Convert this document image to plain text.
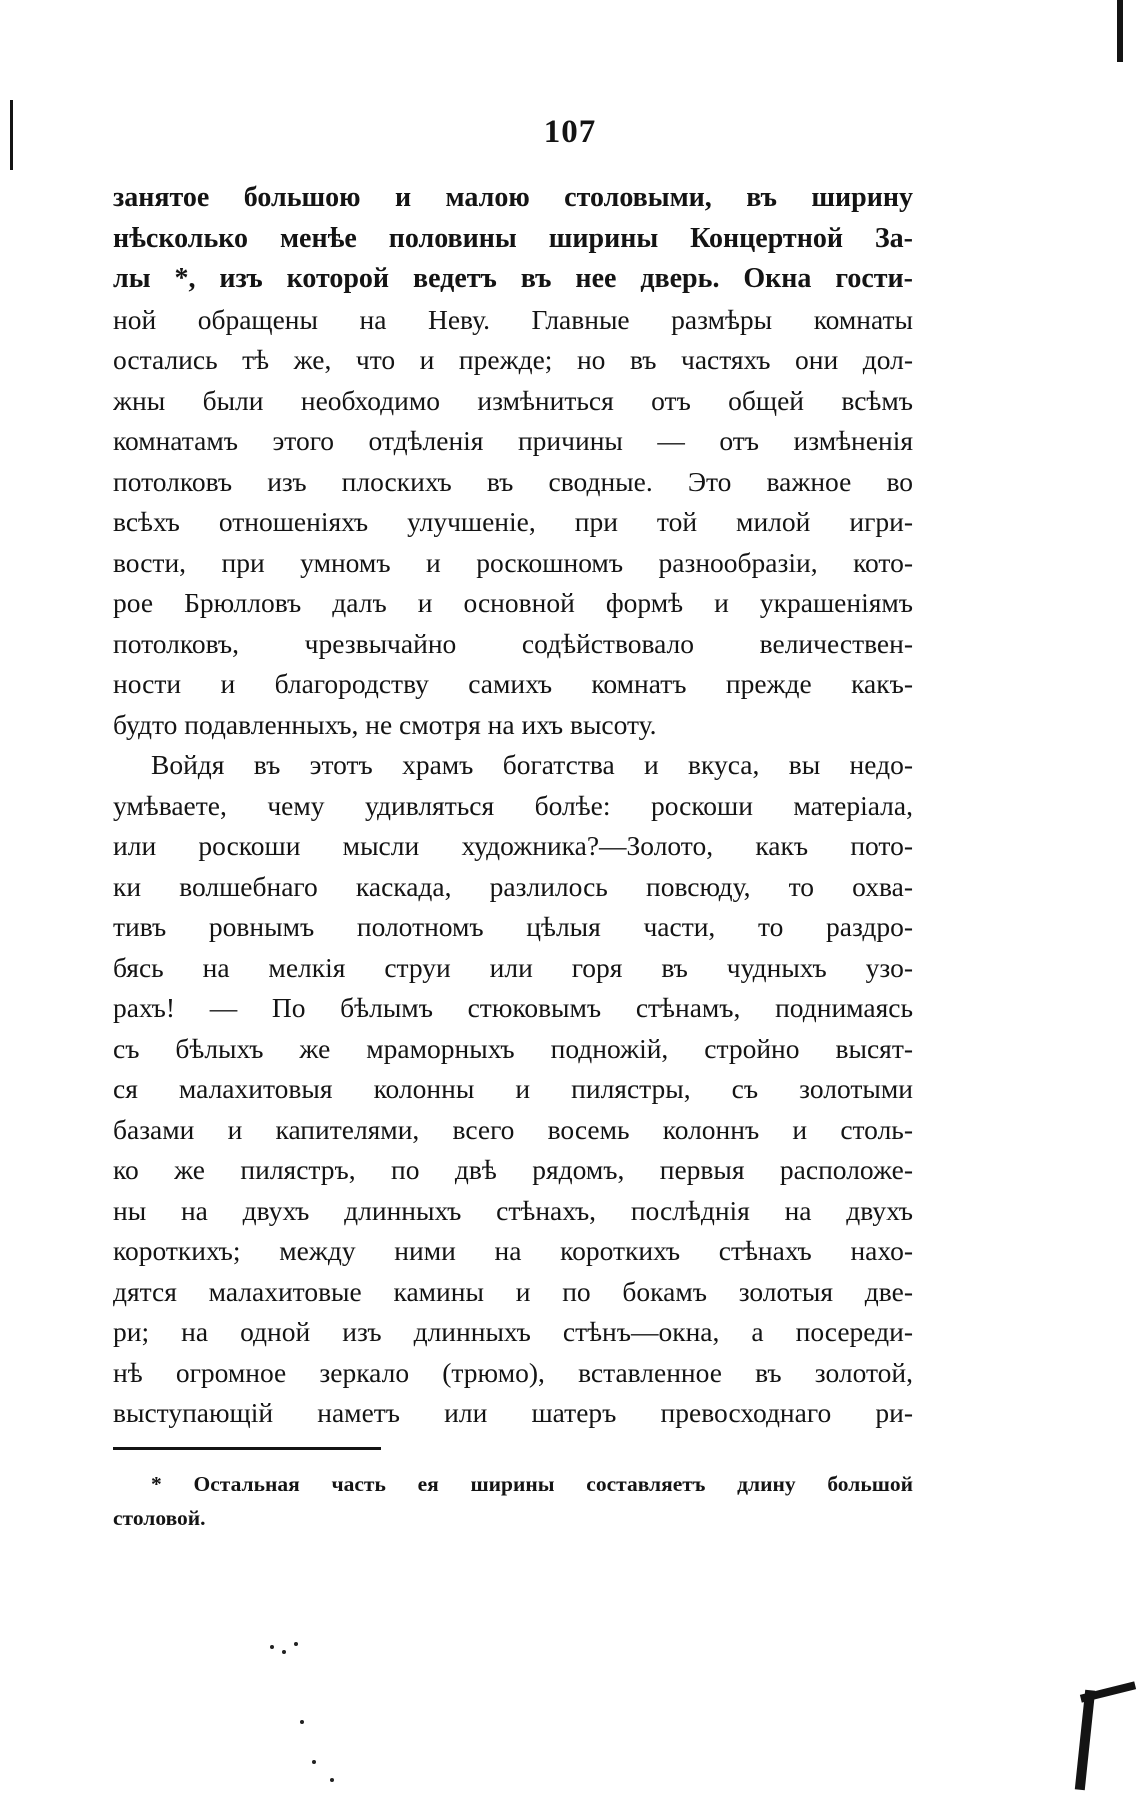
107
занятое большою и малою столовыми, въ ширину
нѣсколько менѣе половины ширины Концертной За-
лы *, изъ которой ведетъ въ нее дверь. Окна гости-
ной обращены на Неву. Главные размѣры комнаты
остались тѣ же, что и прежде; но въ частяхъ они дол-
жны были необходимо измѣниться отъ общей всѣмъ
комнатамъ этого отдѣленія причины — отъ измѣненія
потолковъ изъ плоскихъ въ сводные. Это важное во
всѣхъ отношеніяхъ улучшеніе, при той милой игри-
вости, при умномъ и роскошномъ разнообразіи, кото-
рое Брюлловъ далъ и основной формѣ и украшеніямъ
потолковъ, чрезвычайно содѣйствовало величествен-
ности и благородству самихъ комнатъ прежде какъ-
будто подавленныхъ, не смотря на ихъ высоту.
Войдя въ этотъ храмъ богатства и вкуса, вы недо-
умѣваете, чему удивляться болѣе: роскоши матеріала,
или роскоши мысли художника?—Золото, какъ пото-
ки волшебнаго каскада, разлилось повсюду, то охва-
тивъ ровнымъ полотномъ цѣлыя части, то раздро-
бясь на мелкія струи или горя въ чудныхъ узо-
рахъ! — По бѣлымъ стюковымъ стѣнамъ, поднимаясь
съ бѣлыхъ же мраморныхъ подножій, стройно высят-
ся малахитовыя колонны и пилястры, съ золотыми
базами и капителями, всего восемь колоннъ и столь-
ко же пилястръ, по двѣ рядомъ, первыя расположе-
ны на двухъ длинныхъ стѣнахъ, послѣднія на двухъ
короткихъ; между ними на короткихъ стѣнахъ нахо-
дятся малахитовые камины и по бокамъ золотыя две-
ри; на одной изъ длинныхъ стѣнъ—окна, а посереди-
нѣ огромное зеркало (трюмо), вставленное въ золотой,
выступающій наметъ или шатеръ превосходнаго ри-
* Остальная часть ея ширины составляетъ длину большой
столовой.
